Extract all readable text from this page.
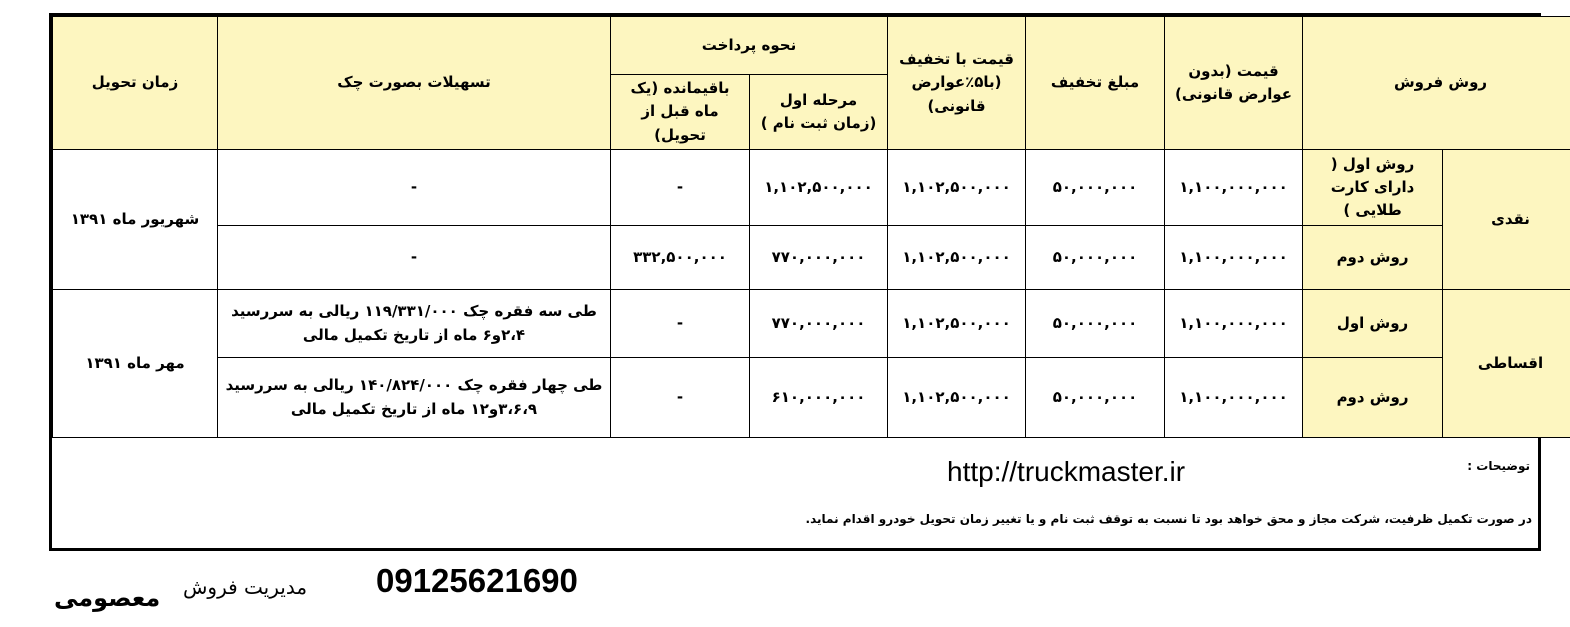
روش فروش		قیمت (بدون عوارض قانونی)	مبلغ تخفیف	قیمت با تخفیف (با۵٪عوارض قانونی)	نحوه پرداخت		تسهیلات بصورت چک	زمان تحویل
					مرحله اول (زمان ثبت نام )	باقیمانده (یک ماه قبل از تحویل)		
نقدی	روش اول ( دارای کارت طلایی )	۱,۱۰۰,۰۰۰,۰۰۰	۵۰,۰۰۰,۰۰۰	۱,۱۰۲,۵۰۰,۰۰۰	۱,۱۰۲,۵۰۰,۰۰۰	-	-	شهریور ماه ۱۳۹۱
	روش دوم	۱,۱۰۰,۰۰۰,۰۰۰	۵۰,۰۰۰,۰۰۰	۱,۱۰۲,۵۰۰,۰۰۰	۷۷۰,۰۰۰,۰۰۰	۳۳۲,۵۰۰,۰۰۰	-	
اقساطی	روش اول	۱,۱۰۰,۰۰۰,۰۰۰	۵۰,۰۰۰,۰۰۰	۱,۱۰۲,۵۰۰,۰۰۰	۷۷۰,۰۰۰,۰۰۰	-	طی سه فقره چک ۱۱۹/۳۳۱/۰۰۰ ریالی به سررسید ۲،۴و۶ ماه از تاریخ تکمیل مالی	مهر ماه ۱۳۹۱
	روش دوم	۱,۱۰۰,۰۰۰,۰۰۰	۵۰,۰۰۰,۰۰۰	۱,۱۰۲,۵۰۰,۰۰۰	۶۱۰,۰۰۰,۰۰۰	-	طی چهار فقره چک ۱۴۰/۸۲۴/۰۰۰ ریالی به سررسید ۳،۶،۹و۱۲ ماه از تاریخ تکمیل مالی	
توضیحات :
http://truckmaster.ir
در صورت تکمیل ظرفیت، شرکت مجاز و محق خواهد بود تا نسبت به توقف ثبت نام و یا تغییر زمان تحویل خودرو اقدام نماید.
09125621690
مدیریت فروش
معصومی
